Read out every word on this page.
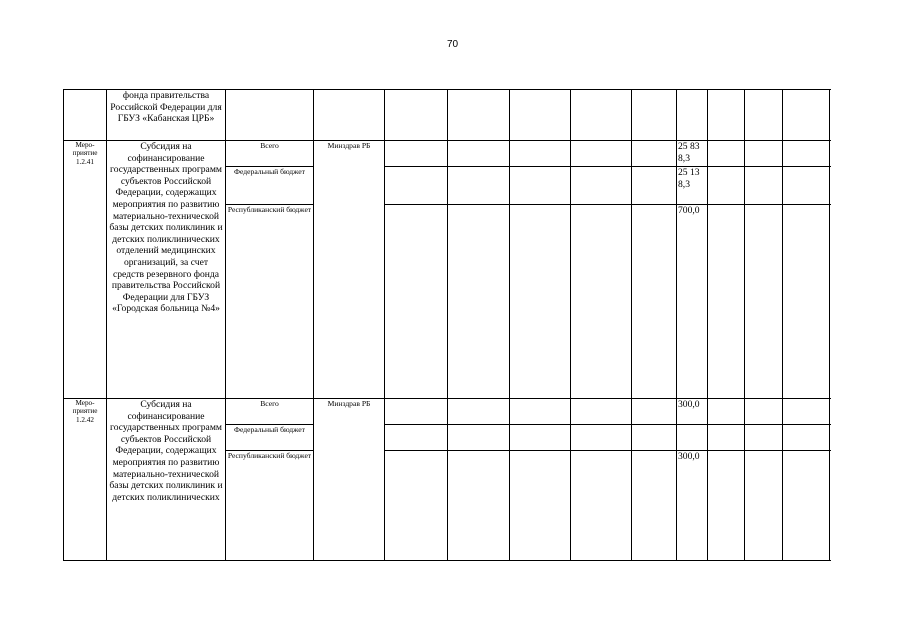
70
	фонда правительства Российской Федерации для ГБУЗ «Кабанская ЦРБ»											
Меро-приятие 1.2.41	Субсидия на софинансирование государственных программ субъектов Российской Федерации, содержащих мероприятия по развитию материально-технической базы детских поликлиник и детских поликлинических отделений медицинских организаций, за счет средств резервного фонда правительства Российской Федерации для ГБУЗ «Городская больница №4»	Всего	Минздрав РБ						25 838,3			
		Федеральный бюджет							25 138,3			
		Республиканский бюджет							700,0			
Меро-приятие 1.2.42	Субсидия на софинансирование государственных программ субъектов Российской Федерации, содержащих мероприятия по развитию материально-технической базы детских поликлиник и детских поликлинических	Всего	Минздрав РБ						300,0			
		Федеральный бюджет										
		Республиканский бюджет							300,0			
